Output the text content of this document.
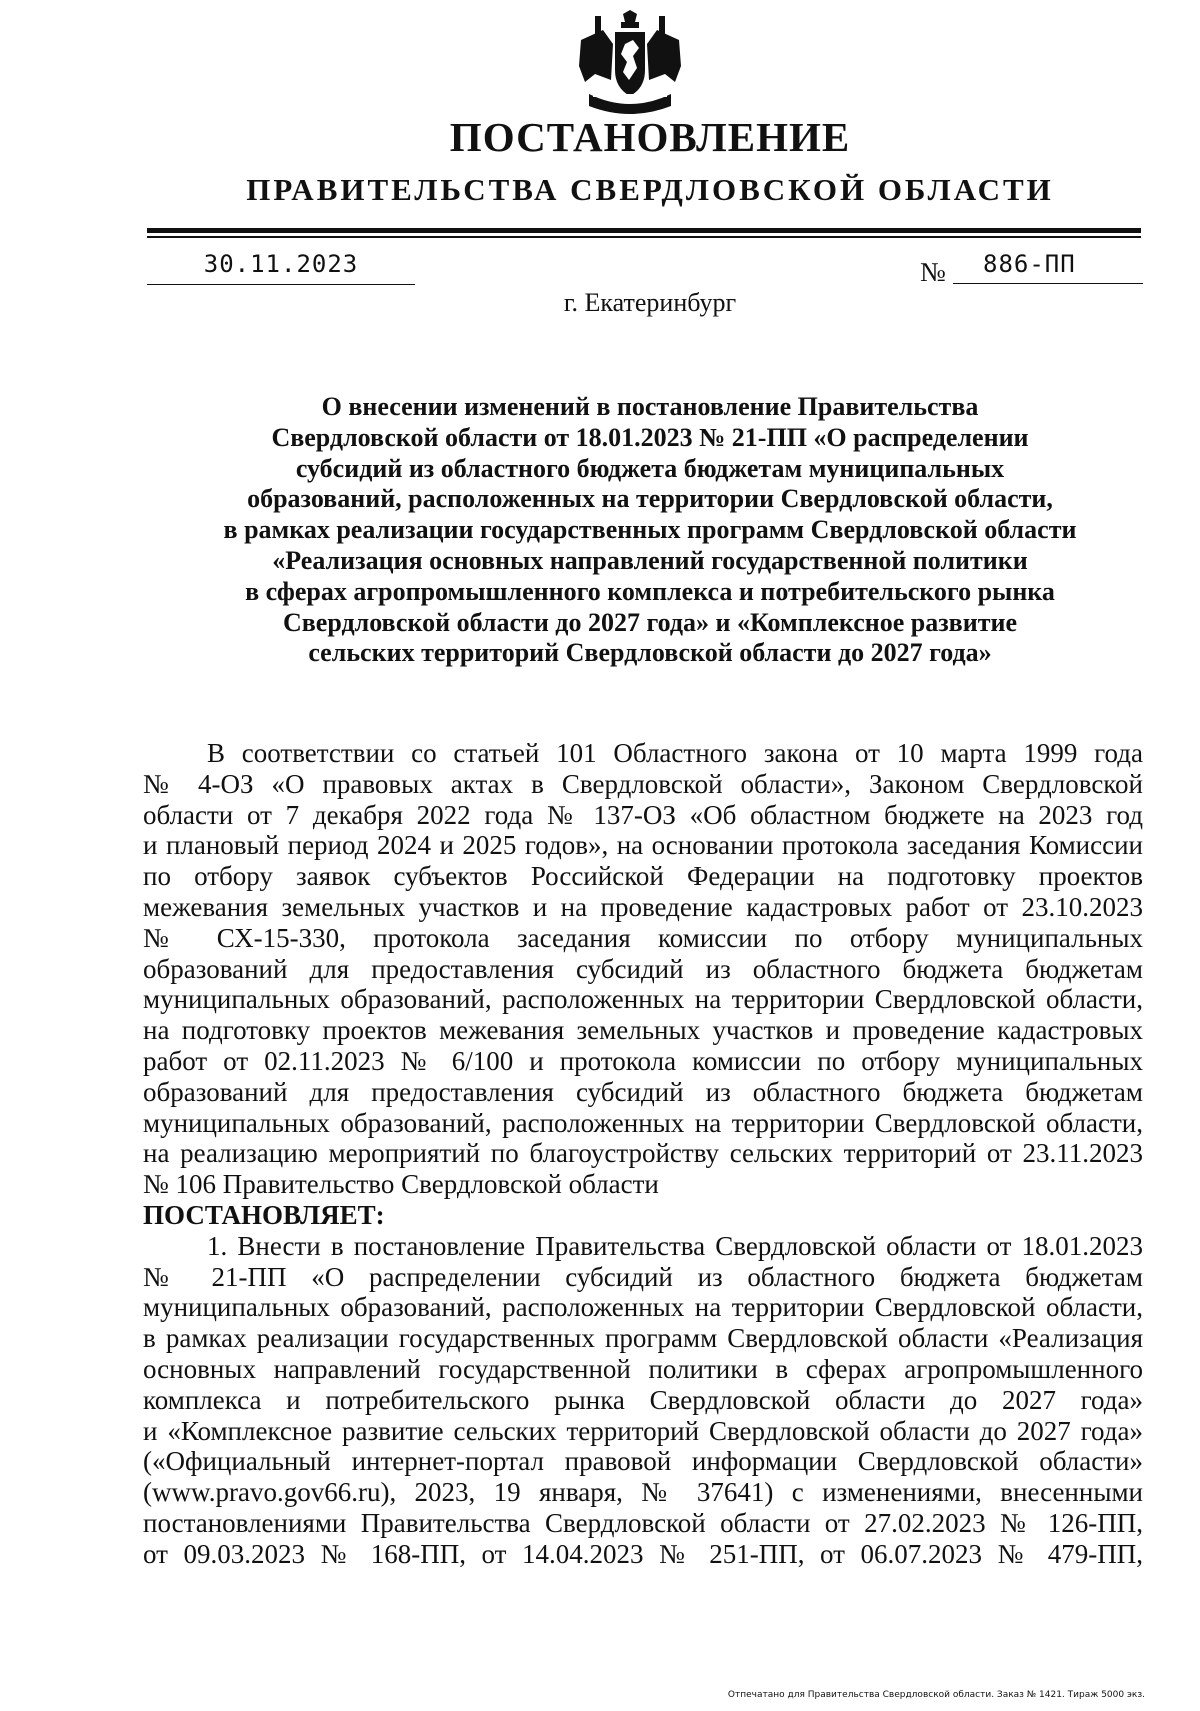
ПОСТАНОВЛЕНИЕ
ПРАВИТЕЛЬСТВА СВЕРДЛОВСКОЙ ОБЛАСТИ
30.11.2023	№	886-ПП
г. Екатеринбург
О внесении изменений в постановление Правительства
Свердловской области от 18.01.2023 № 21-ПП «О распределении
субсидий из областного бюджета бюджетам муниципальных
образований, расположенных на территории Свердловской области,
в рамках реализации государственных программ Свердловской области
«Реализация основных направлений государственной политики
в сферах агропромышленного комплекса и потребительского рынка
Свердловской области до 2027 года» и «Комплексное развитие
сельских территорий Свердловской области до 2027 года»
В соответствии со статьей 101 Областного закона от 10 марта 1999 года
№ 4-ОЗ «О правовых актах в Свердловской области», Законом Свердловской
области от 7 декабря 2022 года № 137-ОЗ «Об областном бюджете на 2023 год
и плановый период 2024 и 2025 годов», на основании протокола заседания Комиссии
по отбору заявок субъектов Российской Федерации на подготовку проектов
межевания земельных участков и на проведение кадастровых работ от 23.10.2023
№ СХ-15-330, протокола заседания комиссии по отбору муниципальных
образований для предоставления субсидий из областного бюджета бюджетам
муниципальных образований, расположенных на территории Свердловской области,
на подготовку проектов межевания земельных участков и проведение кадастровых
работ от 02.11.2023 № 6/100 и протокола комиссии по отбору муниципальных
образований для предоставления субсидий из областного бюджета бюджетам
муниципальных образований, расположенных на территории Свердловской области,
на реализацию мероприятий по благоустройству сельских территорий от 23.11.2023
№ 106 Правительство Свердловской области
ПОСТАНОВЛЯЕТ:
1. Внести в постановление Правительства Свердловской области от 18.01.2023
№ 21-ПП «О распределении субсидий из областного бюджета бюджетам
муниципальных образований, расположенных на территории Свердловской области,
в рамках реализации государственных программ Свердловской области «Реализация
основных направлений государственной политики в сферах агропромышленного
комплекса и потребительского рынка Свердловской области до 2027 года»
и «Комплексное развитие сельских территорий Свердловской области до 2027 года»
(«Официальный интернет-портал правовой информации Свердловской области»
(www.pravo.gov66.ru), 2023, 19 января, № 37641) с изменениями, внесенными
постановлениями Правительства Свердловской области от 27.02.2023 № 126-ПП,
от 09.03.2023 № 168-ПП, от 14.04.2023 № 251-ПП, от 06.07.2023 № 479-ПП,
Отпечатано для Правительства Свердловской области. Заказ № 1421. Тираж 5000 экз.
